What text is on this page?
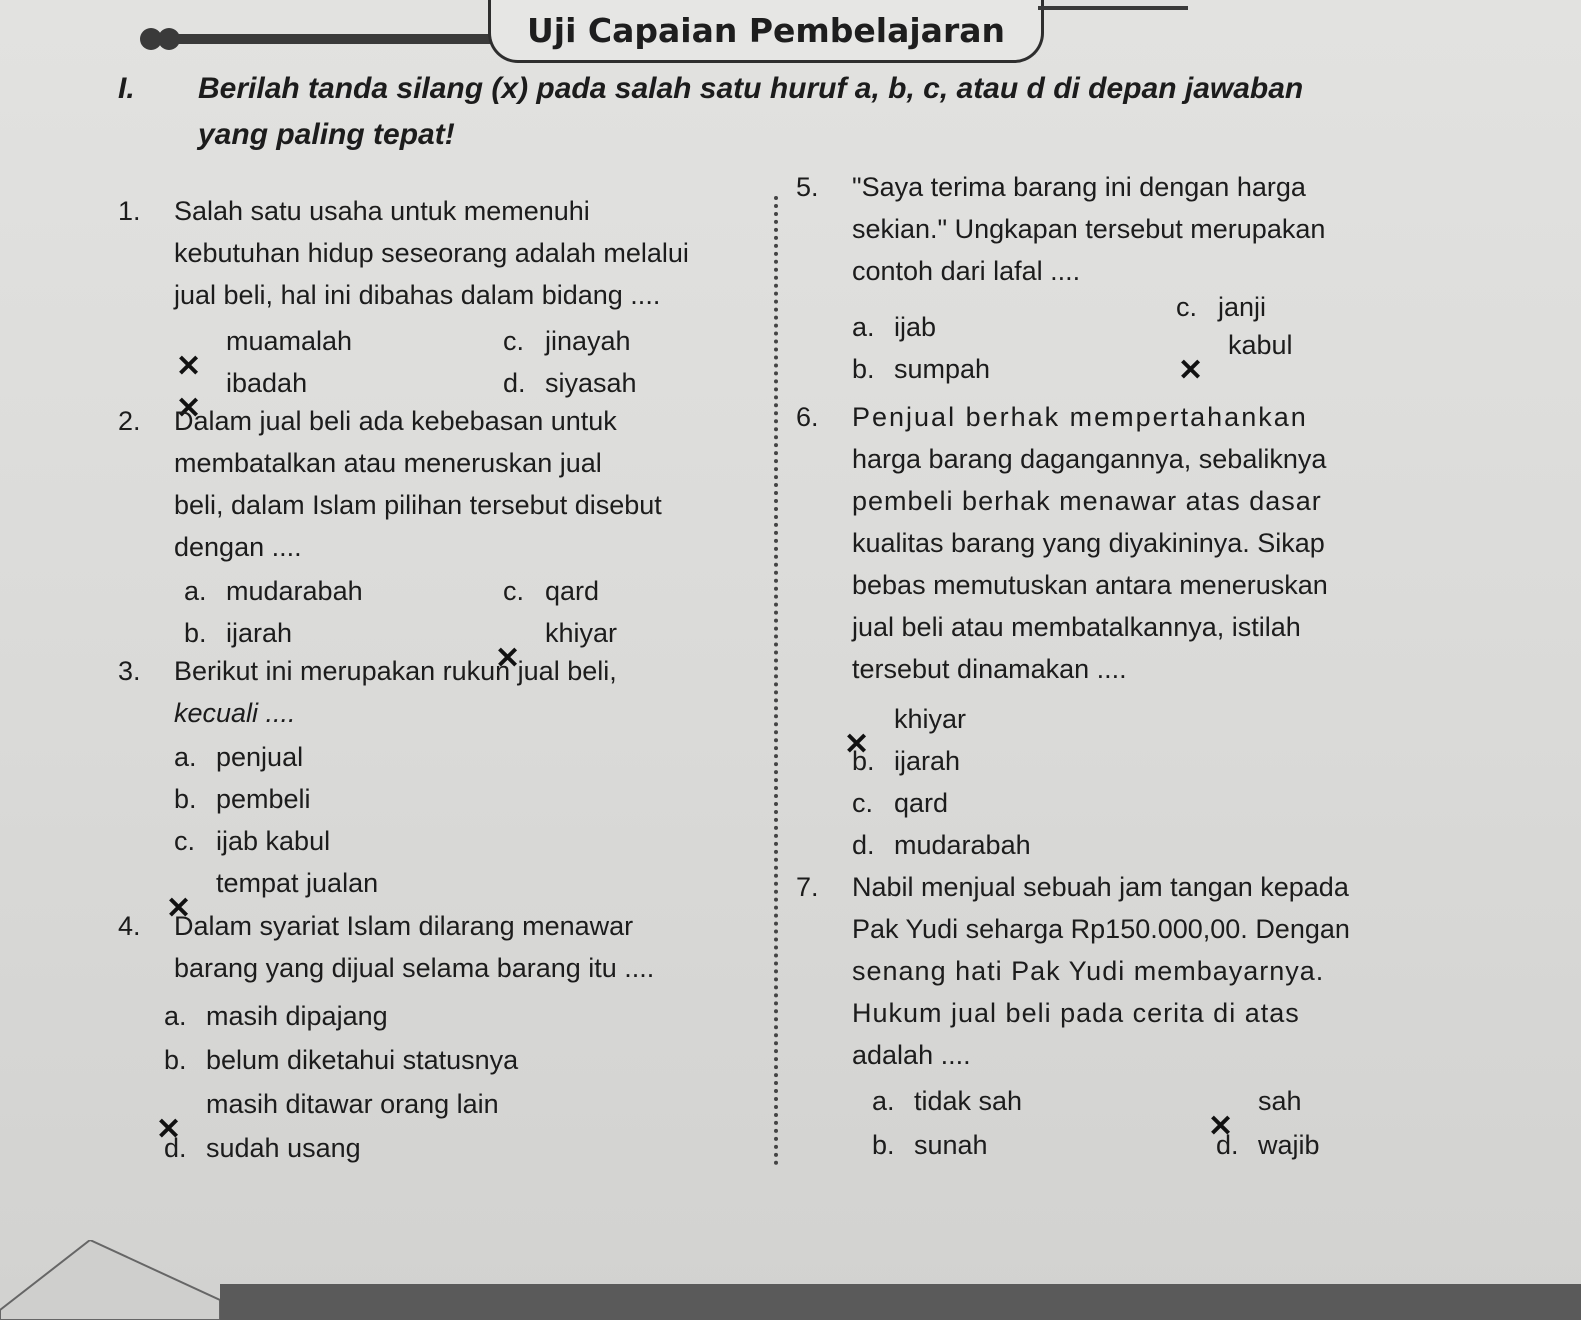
Uji Capaian Pembelajaran
I. Berilah tanda silang (x) pada salah satu huruf a, b, c, atau d di depan jawaban
yang paling tepat!
1. Salah satu usaha untuk memenuhi
kebutuhan hidup seseorang adalah melalui
jual beli, hal ini dibahas dalam bidang ....
muamalah
ibadah
c. jinayah
d. siyasah
2. Dalam jual beli ada kebebasan untuk
membatalkan atau meneruskan jual
beli, dalam Islam pilihan tersebut disebut
dengan ....
a. mudarabah
b. ijarah
c. qard
khiyar
3. Berikut ini merupakan rukun jual beli,
kecuali ....
a. penjual
b. pembeli
c. ijab kabul
tempat jualan
4. Dalam syariat Islam dilarang menawar
barang yang dijual selama barang itu ....
a. masih dipajang
b. belum diketahui statusnya
masih ditawar orang lain
d. sudah usang
5. "Saya terima barang ini dengan harga
sekian." Ungkapan tersebut merupakan
contoh dari lafal ....
a. ijab
b. sumpah
c. janji
kabul
6. Penjual berhak mempertahankan
harga barang dagangannya, sebaliknya
pembeli berhak menawar atas dasar
kualitas barang yang diyakininya. Sikap
bebas memutuskan antara meneruskan
jual beli atau membatalkannya, istilah
tersebut dinamakan ....
khiyar
b. ijarah
c. qard
d. mudarabah
7. Nabil menjual sebuah jam tangan kepada
Pak Yudi seharga Rp150.000,00. Dengan
senang hati Pak Yudi membayarnya.
Hukum jual beli pada cerita di atas
adalah ....
a. tidak sah
b. sunah
sah
d. wajib
